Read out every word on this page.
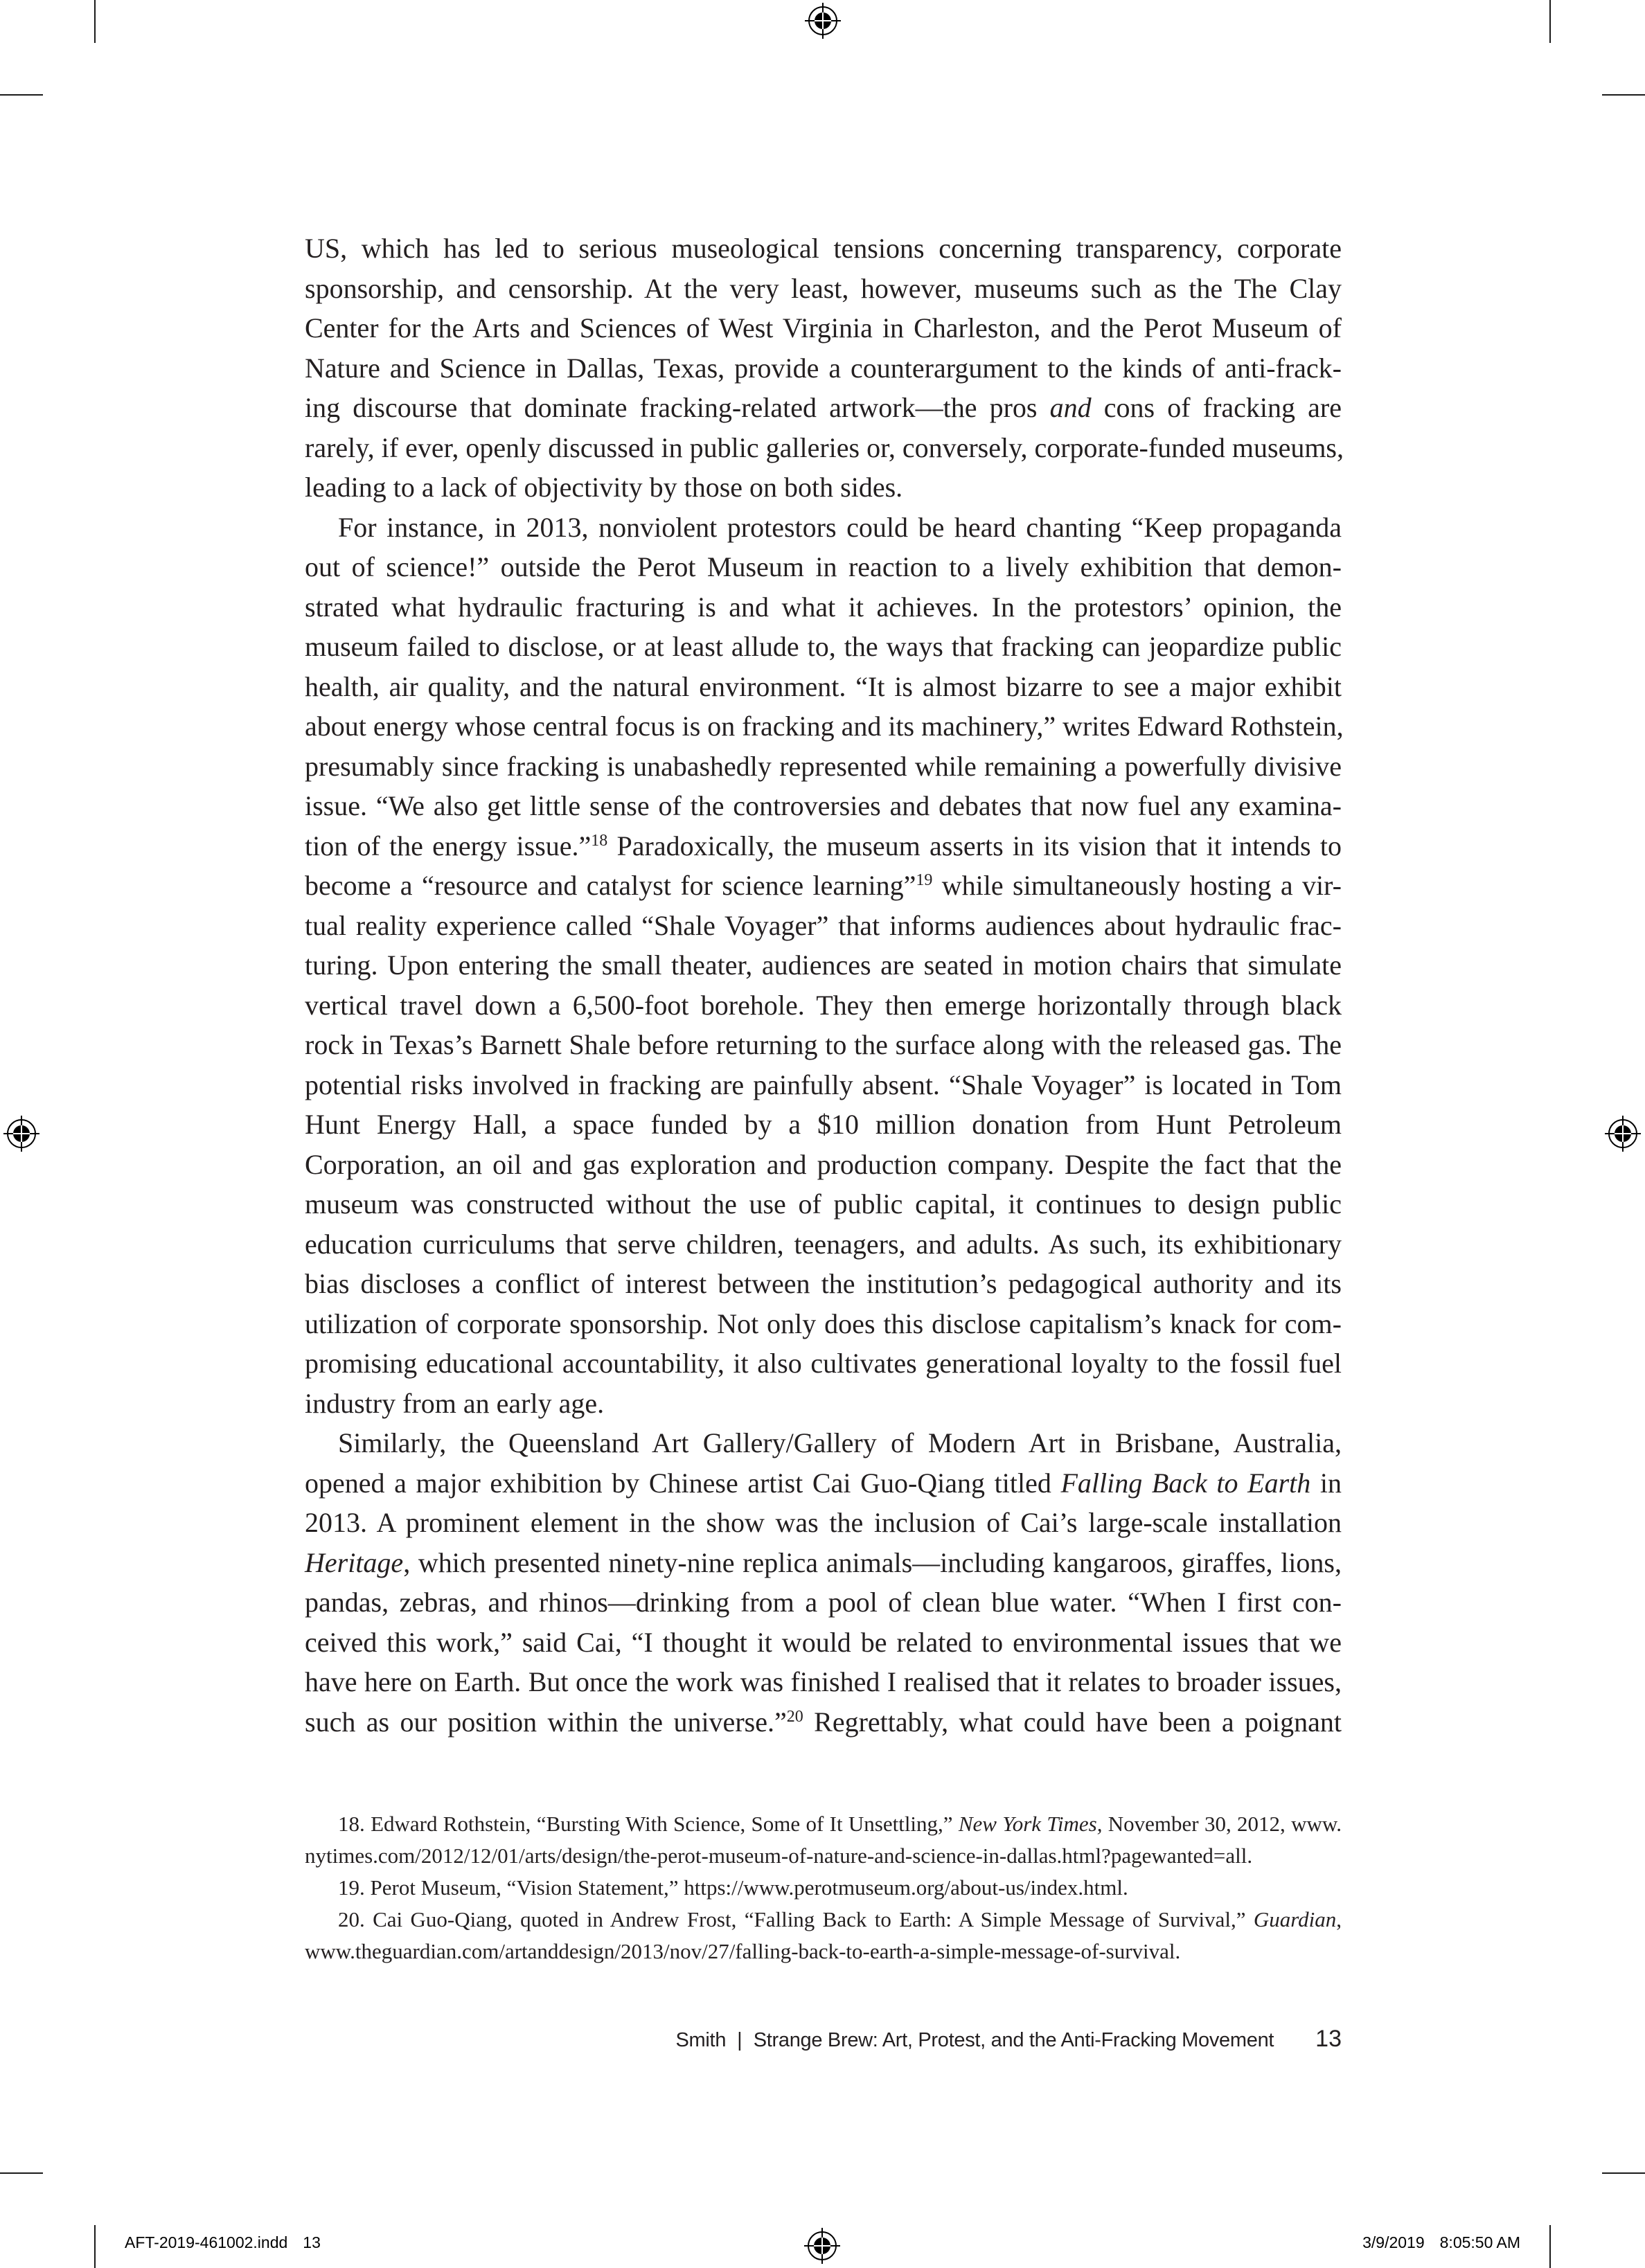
US, which has led to serious museological tensions concerning transparency, corporate
sponsorship, and censorship. At the very least, however, museums such as the The Clay
Center for the Arts and Sciences of West Virginia in Charleston, and the Perot Museum of
Nature and Science in Dallas, Texas, provide a counterargument to the kinds of anti-frack-
ing discourse that dominate fracking-related artwork—the pros and cons of fracking are
rarely, if ever, openly discussed in public galleries or, conversely, corporate-funded museums,
leading to a lack of objectivity by those on both sides.
For instance, in 2013, nonviolent protestors could be heard chanting “Keep propaganda
out of science!” outside the Perot Museum in reaction to a lively exhibition that demon-
strated what hydraulic fracturing is and what it achieves. In the protestors’ opinion, the
museum failed to disclose, or at least allude to, the ways that fracking can jeopardize public
health, air quality, and the natural environment. “It is almost bizarre to see a major exhibit
about energy whose central focus is on fracking and its machinery,” writes Edward Rothstein,
presumably since fracking is unabashedly represented while remaining a powerfully divisive
issue. “We also get little sense of the controversies and debates that now fuel any examina-
tion of the energy issue.”$^{18}$ Paradoxically, the museum asserts in its vision that it intends to
become a “resource and catalyst for science learning”$^{19}$ while simultaneously hosting a vir-
tual reality experience called “Shale Voyager” that informs audiences about hydraulic frac-
turing. Upon entering the small theater, audiences are seated in motion chairs that simulate
vertical travel down a 6,500-foot borehole. They then emerge horizontally through black
rock in Texas’s Barnett Shale before returning to the surface along with the released gas. The
potential risks involved in fracking are painfully absent. “Shale Voyager” is located in Tom
Hunt Energy Hall, a space funded by a $10 million donation from Hunt Petroleum
Corporation, an oil and gas exploration and production company. Despite the fact that the
museum was constructed without the use of public capital, it continues to design public
education curriculums that serve children, teenagers, and adults. As such, its exhibitionary
bias discloses a conflict of interest between the institution’s pedagogical authority and its
utilization of corporate sponsorship. Not only does this disclose capitalism’s knack for com-
promising educational accountability, it also cultivates generational loyalty to the fossil fuel
industry from an early age.
Similarly, the Queensland Art Gallery/Gallery of Modern Art in Brisbane, Australia,
opened a major exhibition by Chinese artist Cai Guo-Qiang titled Falling Back to Earth in
2013. A prominent element in the show was the inclusion of Cai’s large-scale installation
Heritage, which presented ninety-nine replica animals—including kangaroos, giraffes, lions,
pandas, zebras, and rhinos—drinking from a pool of clean blue water. “When I first con-
ceived this work,” said Cai, “I thought it would be related to environmental issues that we
have here on Earth. But once the work was finished I realised that it relates to broader issues,
such as our position within the universe.”$^{20}$ Regrettably, what could have been a poignant
18. Edward Rothstein, “Bursting With Science, Some of It Unsettling,” New York Times, November 30, 2012, www.
nytimes.com/2012/12/01/arts/design/the-perot-museum-of-nature-and-science-in-dallas.html?pagewanted=all.
19. Perot Museum, “Vision Statement,” https://www.perotmuseum.org/about-us/index.html.
20. Cai Guo-Qiang, quoted in Andrew Frost, “Falling Back to Earth: A Simple Message of Survival,” Guardian,
www.theguardian.com/artanddesign/2013/nov/27/falling-back-to-earth-a-simple-message-of-survival.
Smith | Strange Brew: Art, Protest, and the Anti-Fracking Movement 13
AFT-2019-461002.indd 13	3/9/2019 8:05:50 AM
